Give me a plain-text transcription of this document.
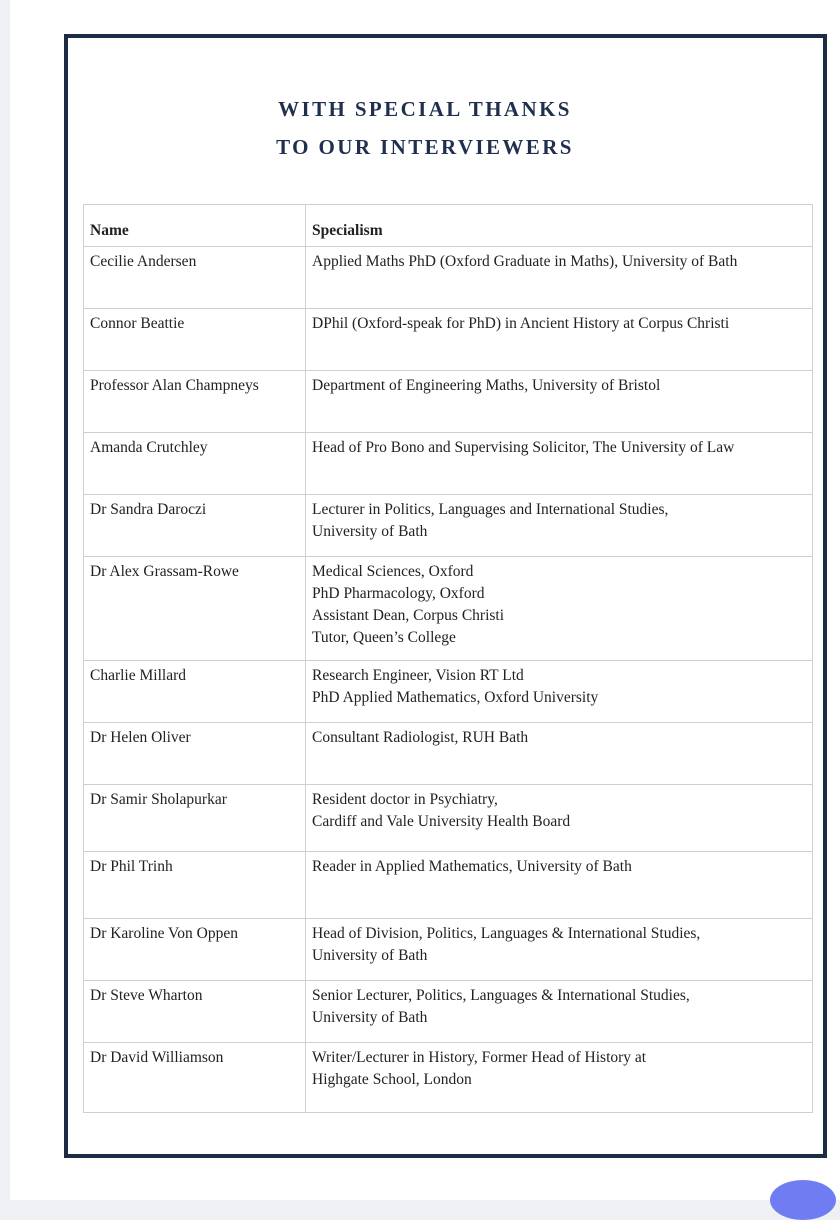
WITH SPECIAL THANKS
TO OUR INTERVIEWERS
Name	Specialism
Cecilie Andersen	Applied Maths PhD (Oxford Graduate in Maths), University of Bath

Connor Beattie	DPhil (Oxford-speak for PhD) in Ancient History at Corpus Christi

Professor Alan Champneys	Department of Engineering Maths, University of Bristol

Amanda Crutchley	Head of Pro Bono and Supervising Solicitor, The University of Law

Dr Sandra Daroczi	Lecturer in Politics, Languages and International Studies,
University of Bath

Dr Alex Grassam-Rowe	Medical Sciences, Oxford
PhD Pharmacology, Oxford
Assistant Dean, Corpus Christi
Tutor, Queen’s College

Charlie Millard	Research Engineer, Vision RT Ltd
PhD Applied Mathematics, Oxford University

Dr Helen Oliver	Consultant Radiologist, RUH Bath

Dr Samir Sholapurkar	Resident doctor in Psychiatry,
Cardiff and Vale University Health Board

Dr Phil Trinh	Reader in Applied Mathematics, University of Bath

Dr Karoline Von Oppen	Head of Division, Politics, Languages & International Studies,
University of Bath

Dr Steve Wharton	Senior Lecturer, Politics, Languages & International Studies,
University of Bath

Dr David Williamson	Writer/Lecturer in History, Former Head of History at
Highgate School, London
